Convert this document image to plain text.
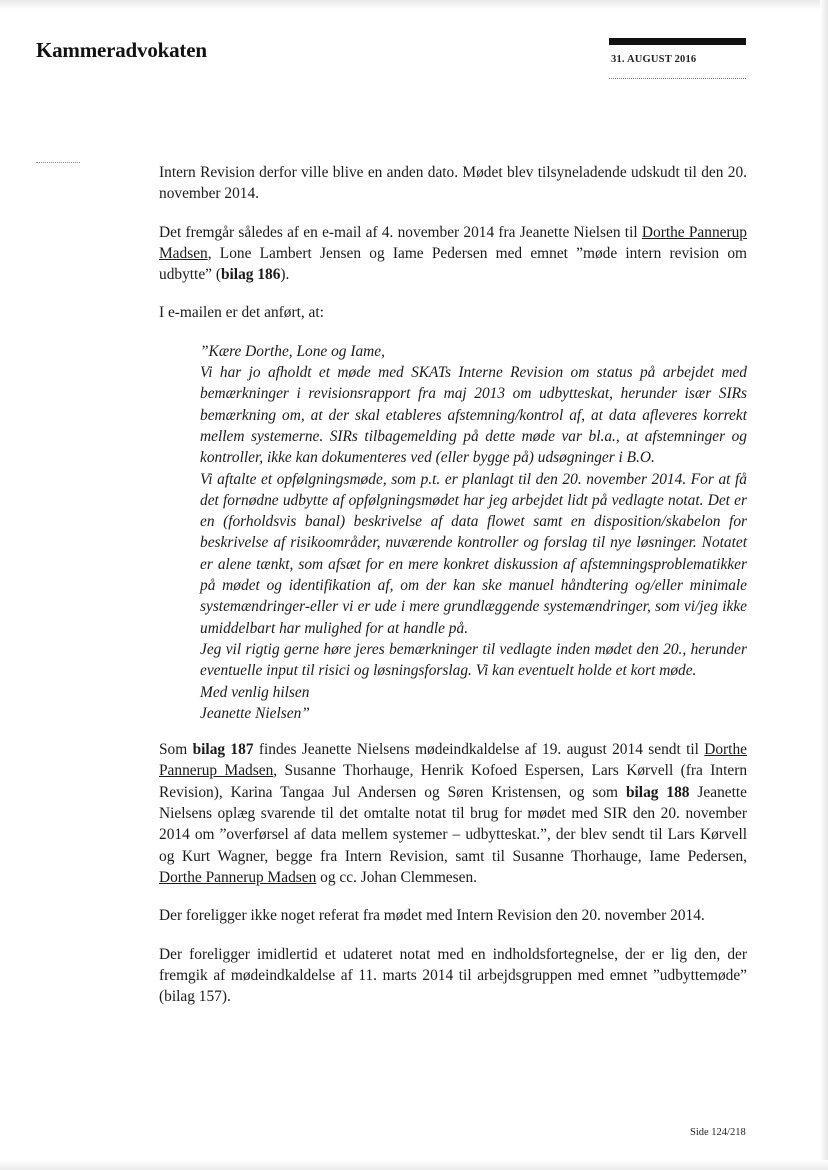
Kammeradvokaten	31. AUGUST 2016

Intern Revision derfor ville blive en anden dato. Mødet blev tilsyneladende udskudt til den 20. november 2014.

Det fremgår således af en e-mail af 4. november 2014 fra Jeanette Nielsen til Dorthe Pannerup Madsen, Lone Lambert Jensen og Iame Pedersen med emnet ”møde intern revision om udbytte” (bilag 186).

I e-mailen er det anført, at:

”Kære Dorthe, Lone og Iame,
Vi har jo afholdt et møde med SKATs Interne Revision om status på arbejdet med bemærkninger i revisionsrapport fra maj 2013 om udbytteskat, herunder især SIRs bemærkning om, at der skal etableres afstemning/kontrol af, at data afleveres korrekt mellem systemerne. SIRs tilbagemelding på dette møde var bl.a., at afstemninger og kontroller, ikke kan dokumenteres ved (eller bygge på) udsøgninger i B.O.
Vi aftalte et opfølgningsmøde, som p.t. er planlagt til den 20. november 2014. For at få det fornødne udbytte af opfølgningsmødet har jeg arbejdet lidt på vedlagte notat. Det er en (forholdsvis banal) beskrivelse af data flowet samt en disposition/skabelon for beskrivelse af risikoområder, nuværende kontroller og forslag til nye løsninger. Notatet er alene tænkt, som afsæt for en mere konkret diskussion af afstemningsproblematikker på mødet og identifikation af, om der kan ske manuel håndtering og/eller minimale systemændringer-eller vi er ude i mere grundlæggende systemændringer, som vi/jeg ikke umiddelbart har mulighed for at handle på.
Jeg vil rigtig gerne høre jeres bemærkninger til vedlagte inden mødet den 20., herunder eventuelle input til risici og løsningsforslag. Vi kan eventuelt holde et kort møde.
Med venlig hilsen
Jeanette Nielsen”

Som bilag 187 findes Jeanette Nielsens mødeindkaldelse af 19. august 2014 sendt til Dorthe Pannerup Madsen, Susanne Thorhauge, Henrik Kofoed Espersen, Lars Kørvell (fra Intern Revision), Karina Tangaa Jul Andersen og Søren Kristensen, og som bilag 188 Jeanette Nielsens oplæg svarende til det omtalte notat til brug for mødet med SIR den 20. november 2014 om ”overførsel af data mellem systemer – udbytteskat.”, der blev sendt til Lars Kørvell og Kurt Wagner, begge fra Intern Revision, samt til Susanne Thorhauge, Iame Pedersen, Dorthe Pannerup Madsen og cc. Johan Clemmesen.

Der foreligger ikke noget referat fra mødet med Intern Revision den 20. november 2014.

Der foreligger imidlertid et udateret notat med en indholdsfortegnelse, der er lig den, der fremgik af mødeindkaldelse af 11. marts 2014 til arbejdsgruppen med emnet ”udbyttemøde” (bilag 157).

Side 124/218
